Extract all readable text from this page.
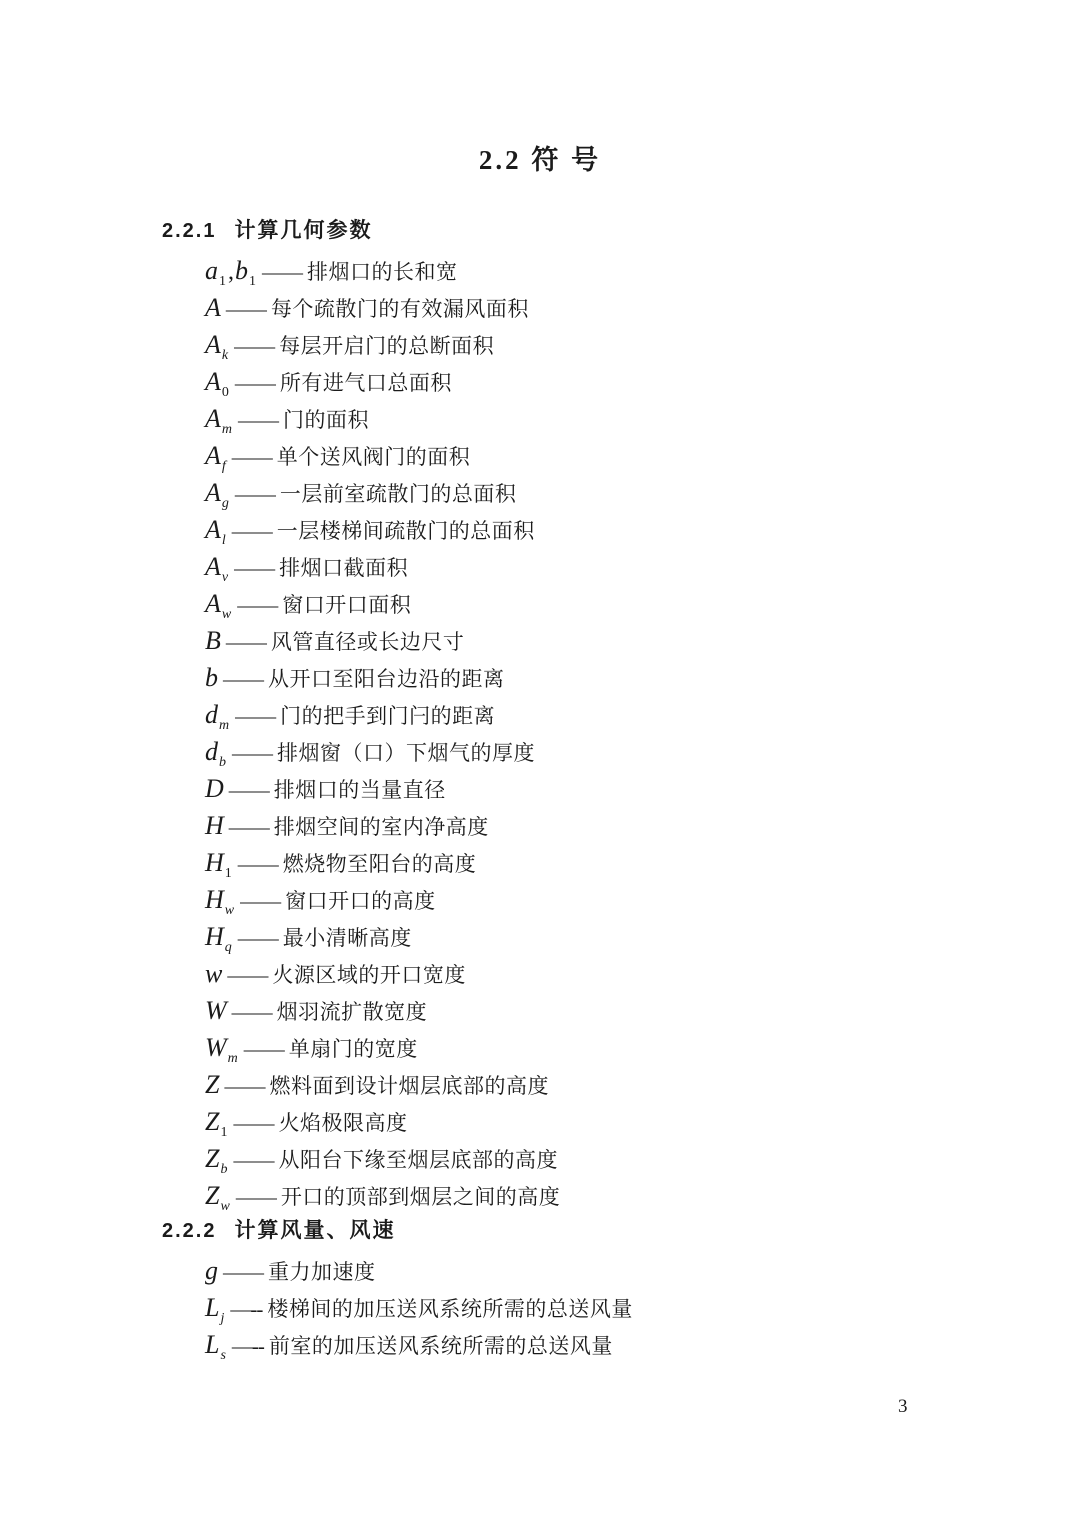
2.2 符 号
2.2.1 计算几何参数
$a_1,b_1$ —— 排烟口的长和宽
A —— 每个疏散门的有效漏风面积
$A_k$ —— 每层开启门的总断面积
$A_0$ —— 所有进气口总面积
$A_m$ —— 门的面积
$A_f$ —— 单个送风阀门的面积
$A_g$ —— 一层前室疏散门的总面积
$A_l$ —— 一层楼梯间疏散门的总面积
$A_v$ —— 排烟口截面积
$A_w$ —— 窗口开口面积
B —— 风管直径或长边尺寸
b —— 从开口至阳台边沿的距离
$d_m$ —— 门的把手到门闩的距离
$d_b$ —— 排烟窗（口）下烟气的厚度
D —— 排烟口的当量直径
H —— 排烟空间的室内净高度
$H_1$ —— 燃烧物至阳台的高度
$H_w$ —— 窗口开口的高度
$H_q$ —— 最小清晰高度
w —— 火源区域的开口宽度
W —— 烟羽流扩散宽度
$W_m$ —— 单扇门的宽度
Z —— 燃料面到设计烟层底部的高度
$Z_1$ —— 火焰极限高度
$Z_b$ —— 从阳台下缘至烟层底部的高度
$Z_w$ —— 开口的顶部到烟层之间的高度
2.2.2 计算风量、风速
g —— 重力加速度
$L_j$ —-- 楼梯间的加压送风系统所需的总送风量
$L_s$ —-- 前室的加压送风系统所需的总送风量
3
